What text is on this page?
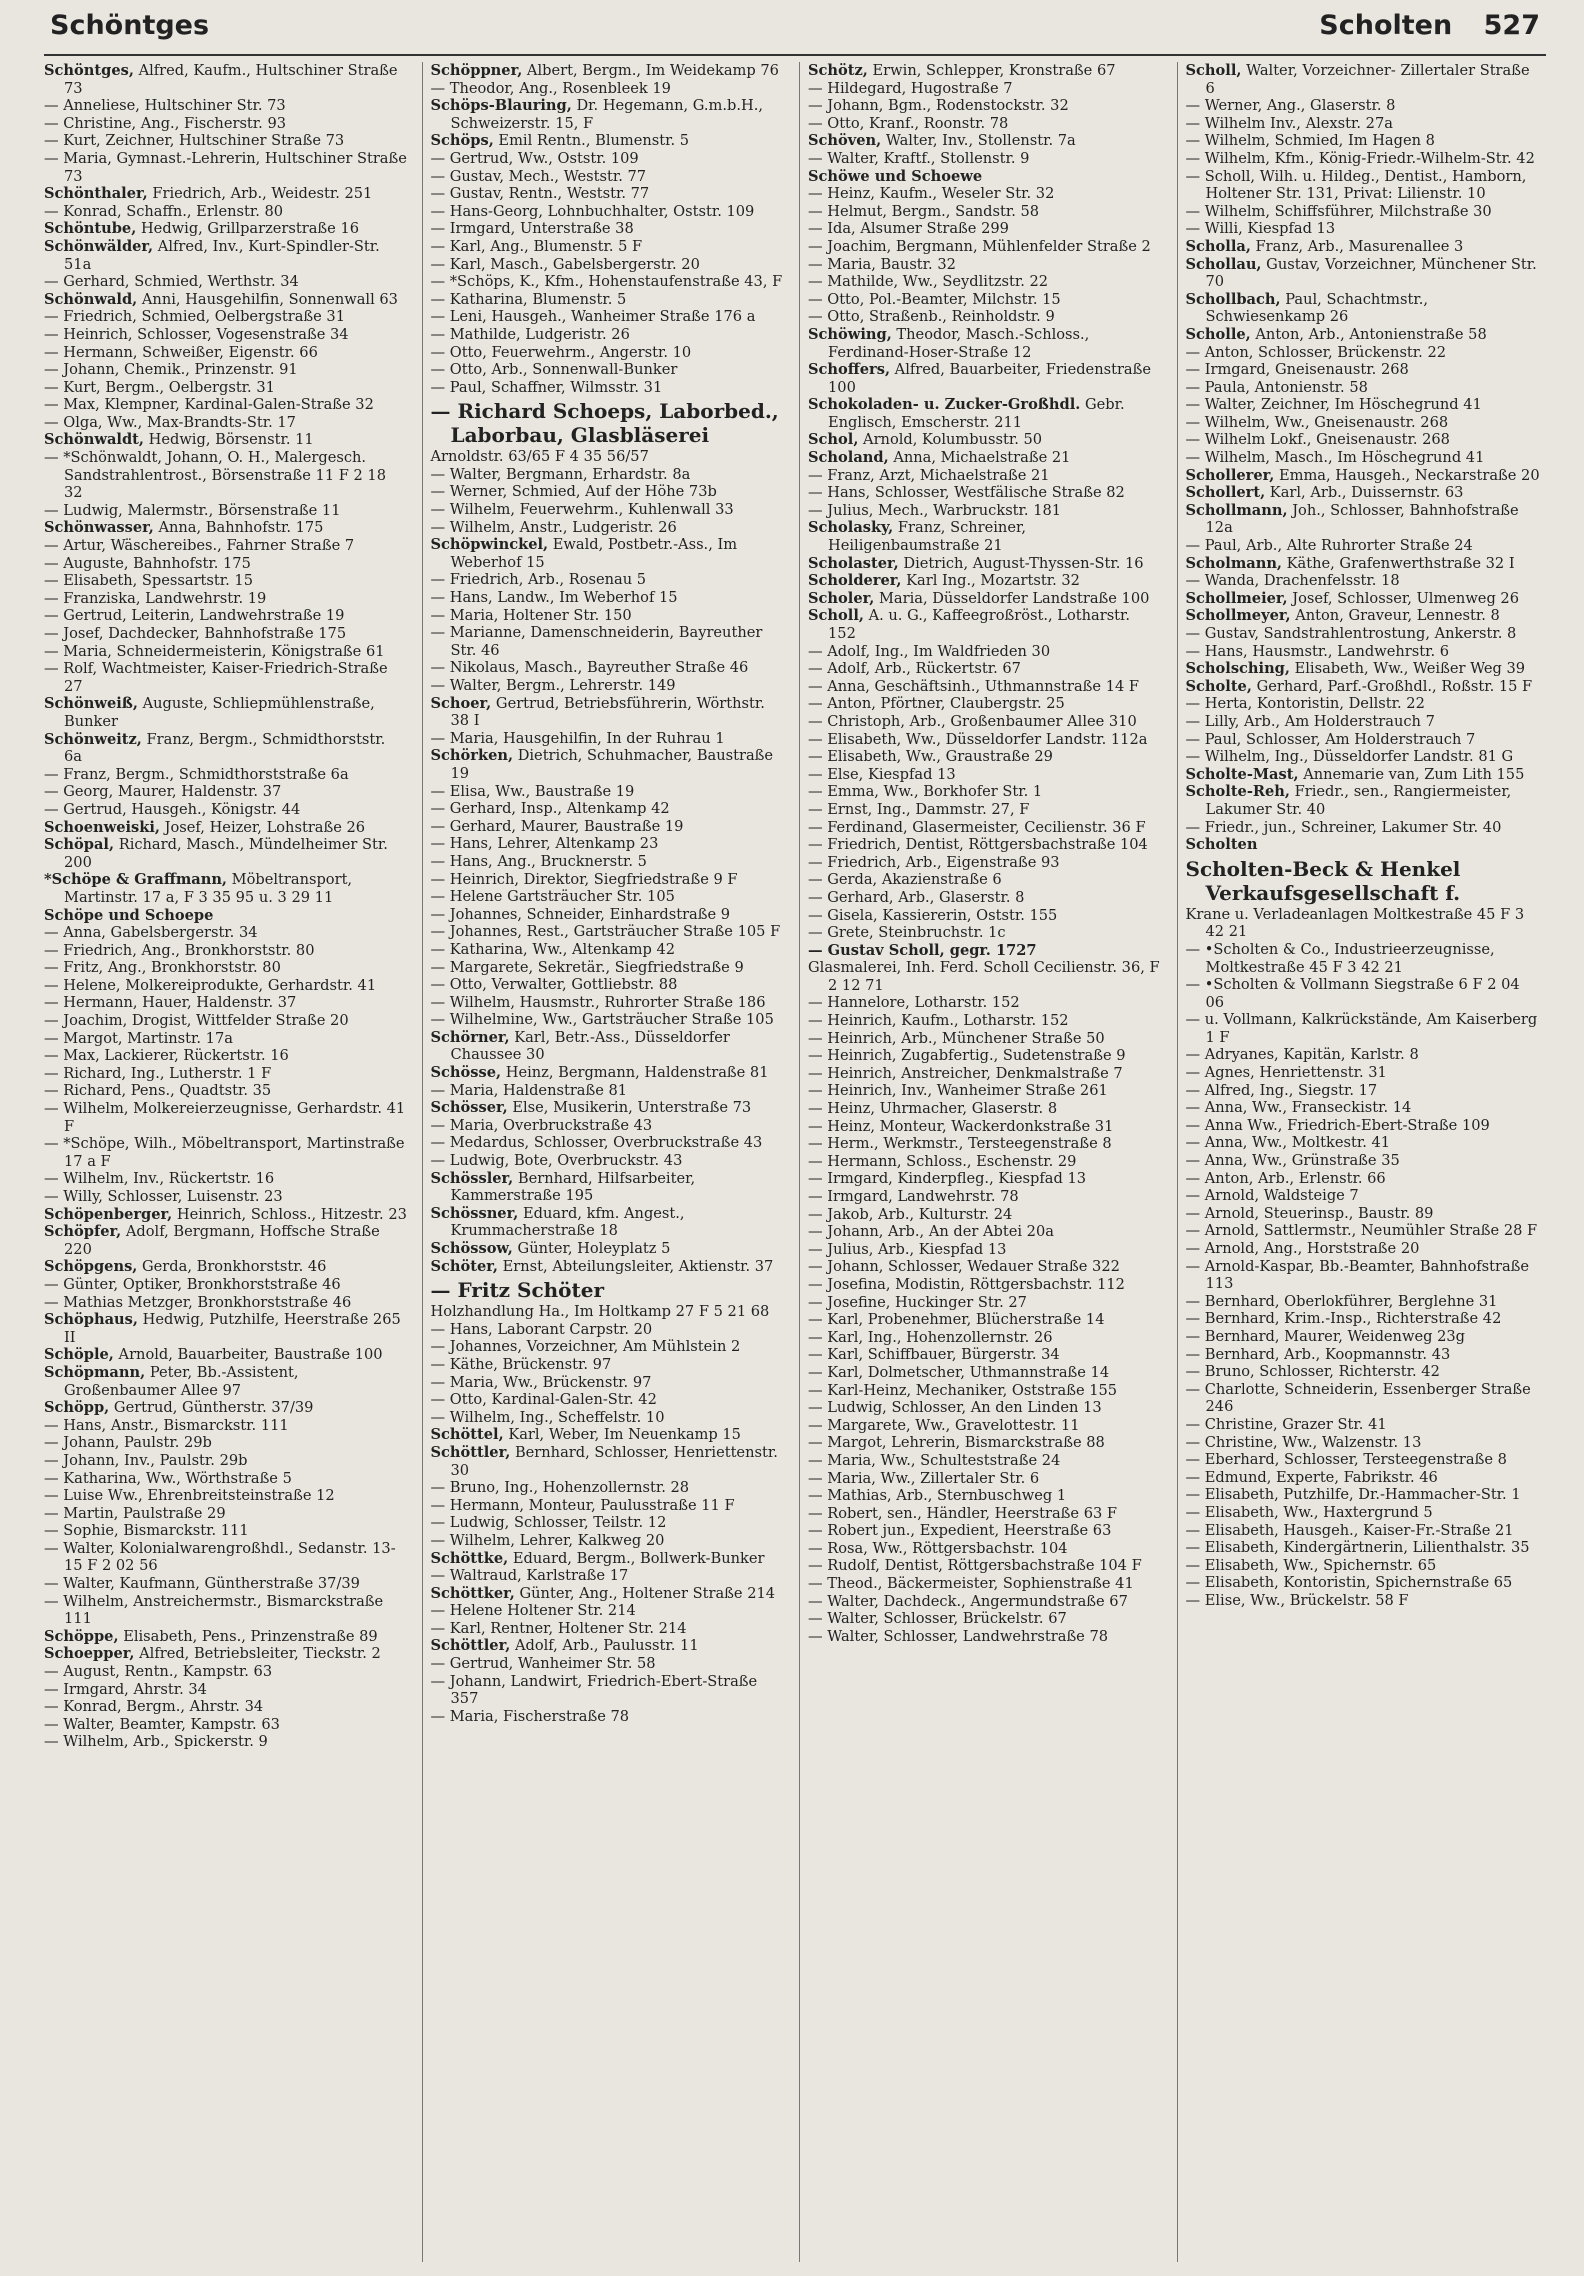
Schöntges	Scholten 527
Schöntges, Alfred, Kaufm., Hultschiner Straße 73
— Anneliese, Hultschiner Str. 73
— Christine, Ang., Fischerstr. 93
— Kurt, Zeichner, Hultschiner Straße 73
— Maria, Gymnast.-Lehrerin, Hultschiner Straße 73
Schönthaler, Friedrich, Arb., Weidestr. 251
— Konrad, Schaffn., Erlenstr. 80
Schöntube, Hedwig, Grillparzerstraße 16
Schönwälder, Alfred, Inv., Kurt-Spindler-Str. 51a
— Gerhard, Schmied, Werthstr. 34
Schönwald, Anni, Hausgehilfin, Sonnenwall 63
— Friedrich, Schmied, Oelbergstraße 31
— Heinrich, Schlosser, Vogesenstraße 34
— Hermann, Schweißer, Eigenstr. 66
— Johann, Chemik., Prinzenstr. 91
— Kurt, Bergm., Oelbergstr. 31
— Max, Klempner, Kardinal-Galen-Straße 32
— Olga, Ww., Max-Brandts-Str. 17
Schönwaldt, Hedwig, Börsenstr. 11
— *Schönwaldt, Johann, O. H., Malergesch. Sandstrahlentrost., Börsenstraße 11 F 2 18 32
— Ludwig, Malermstr., Börsenstraße 11
Schönwasser, Anna, Bahnhofstr. 175
— Artur, Wäschereibes., Fahrner Straße 7
— Auguste, Bahnhofstr. 175
— Elisabeth, Spessartstr. 15
— Franziska, Landwehrstr. 19
— Gertrud, Leiterin, Landwehrstraße 19
— Josef, Dachdecker, Bahnhofstraße 175
— Maria, Schneidermeisterin, Königstraße 61
— Rolf, Wachtmeister, Kaiser-Friedrich-Straße 27
Schönweiß, Auguste, Schliepmühlenstraße, Bunker
Schönweitz, Franz, Bergm., Schmidthorststr. 6a
— Franz, Bergm., Schmidthorststraße 6a
— Georg, Maurer, Haldenstr. 37
— Gertrud, Hausgeh., Königstr. 44
Schoenweiski, Josef, Heizer, Lohstraße 26
Schöpal, Richard, Masch., Mündelheimer Str. 200
*Schöpe & Graffmann, Möbeltransport, Martinstr. 17 a, F 3 35 95 u. 3 29 11
Schöpe und Schoepe
— Anna, Gabelsbergerstr. 34
— Friedrich, Ang., Bronkhorststr. 80
— Fritz, Ang., Bronkhorststr. 80
— Helene, Molkereiprodukte, Gerhardstr. 41
— Hermann, Hauer, Haldenstr. 37
— Joachim, Drogist, Wittfelder Straße 20
— Margot, Martinstr. 17a
— Max, Lackierer, Rückertstr. 16
— Richard, Ing., Lutherstr. 1 F
— Richard, Pens., Quadtstr. 35
— Wilhelm, Molkereierzeugnisse, Gerhardstr. 41 F
— *Schöpe, Wilh., Möbeltransport, Martinstraße 17 a F
— Wilhelm, Inv., Rückertstr. 16
— Willy, Schlosser, Luisenstr. 23
Schöpenberger, Heinrich, Schloss., Hitzestr. 23
Schöpfer, Adolf, Bergmann, Hoffsche Straße 220
Schöpgens, Gerda, Bronkhorststr. 46
— Günter, Optiker, Bronkhorststraße 46
— Mathias Metzger, Bronkhorststraße 46
Schöphaus, Hedwig, Putzhilfe, Heerstraße 265 II
Schöple, Arnold, Bauarbeiter, Baustraße 100
Schöpmann, Peter, Bb.-Assistent, Großenbaumer Allee 97
Schöpp, Gertrud, Güntherstr. 37/39
— Hans, Anstr., Bismarckstr. 111
— Johann, Paulstr. 29b
— Johann, Inv., Paulstr. 29b
— Katharina, Ww., Wörthstraße 5
— Luise Ww., Ehrenbreitsteinstraße 12
— Martin, Paulstraße 29
— Sophie, Bismarckstr. 111
— Walter, Kolonialwarengroßhdl., Sedanstr. 13-15 F 2 02 56
— Walter, Kaufmann, Güntherstraße 37/39
— Wilhelm, Anstreichermstr., Bismarckstraße 111
Schöppe, Elisabeth, Pens., Prinzenstraße 89
Schoepper, Alfred, Betriebsleiter, Tieckstr. 2
— August, Rentn., Kampstr. 63
— Irmgard, Ahrstr. 34
— Konrad, Bergm., Ahrstr. 34
— Walter, Beamter, Kampstr. 63
— Wilhelm, Arb., Spickerstr. 9
Schöppner, Albert, Bergm., Im Weidekamp 76
— Theodor, Ang., Rosenbleek 19
Schöps-Blauring, Dr. Hegemann, G.m.b.H., Schweizerstr. 15, F
Schöps, Emil Rentn., Blumenstr. 5
— Gertrud, Ww., Oststr. 109
— Gustav, Mech., Weststr. 77
— Gustav, Rentn., Weststr. 77
— Hans-Georg, Lohnbuchhalter, Oststr. 109
— Irmgard, Unterstraße 38
— Karl, Ang., Blumenstr. 5 F
— Karl, Masch., Gabelsbergerstr. 20
— *Schöps, K., Kfm., Hohenstaufenstraße 43, F
— Katharina, Blumenstr. 5
— Leni, Hausgeh., Wanheimer Straße 176 a
— Mathilde, Ludgeristr. 26
— Otto, Feuerwehrm., Angerstr. 10
— Otto, Arb., Sonnenwall-Bunker
— Paul, Schaffner, Wilmsstr. 31
— Richard Schoeps, Laborbed., Laborbau, Glasbläserei
Arnoldstr. 63/65 F 4 35 56/57
— Walter, Bergmann, Erhardstr. 8a
— Werner, Schmied, Auf der Höhe 73b
— Wilhelm, Feuerwehrm., Kuhlenwall 33
— Wilhelm, Anstr., Ludgeristr. 26
Schöpwinckel, Ewald, Postbetr.-Ass., Im Weberhof 15
— Friedrich, Arb., Rosenau 5
— Hans, Landw., Im Weberhof 15
— Maria, Holtener Str. 150
— Marianne, Damenschneiderin, Bayreuther Str. 46
— Nikolaus, Masch., Bayreuther Straße 46
— Walter, Bergm., Lehrerstr. 149
Schoer, Gertrud, Betriebsführerin, Wörthstr. 38 I
— Maria, Hausgehilfin, In der Ruhrau 1
Schörken, Dietrich, Schuhmacher, Baustraße 19
— Elisa, Ww., Baustraße 19
— Gerhard, Insp., Altenkamp 42
— Gerhard, Maurer, Baustraße 19
— Hans, Lehrer, Altenkamp 23
— Hans, Ang., Brucknerstr. 5
— Heinrich, Direktor, Siegfriedstraße 9 F
— Helene Gartsträucher Str. 105
— Johannes, Schneider, Einhardstraße 9
— Johannes, Rest., Gartsträucher Straße 105 F
— Katharina, Ww., Altenkamp 42
— Margarete, Sekretär., Siegfriedstraße 9
— Otto, Verwalter, Gottliebstr. 88
— Wilhelm, Hausmstr., Ruhrorter Straße 186
— Wilhelmine, Ww., Gartsträucher Straße 105
Schörner, Karl, Betr.-Ass., Düsseldorfer Chaussee 30
Schösse, Heinz, Bergmann, Haldenstraße 81
— Maria, Haldenstraße 81
Schösser, Else, Musikerin, Unterstraße 73
— Maria, Overbruckstraße 43
— Medardus, Schlosser, Overbruckstraße 43
— Ludwig, Bote, Overbruckstr. 43
Schössler, Bernhard, Hilfsarbeiter, Kammerstraße 195
Schössner, Eduard, kfm. Angest., Krummacherstraße 18
Schössow, Günter, Holeyplatz 5
Schöter, Ernst, Abteilungsleiter, Aktienstr. 37
— Fritz Schöter
Holzhandlung Ha., Im Holtkamp 27 F 5 21 68
— Hans, Laborant Carpstr. 20
— Johannes, Vorzeichner, Am Mühlstein 2
— Käthe, Brückenstr. 97
— Maria, Ww., Brückenstr. 97
— Otto, Kardinal-Galen-Str. 42
— Wilhelm, Ing., Scheffelstr. 10
Schöttel, Karl, Weber, Im Neuenkamp 15
Schöttler, Bernhard, Schlosser, Henriettenstr. 30
— Bruno, Ing., Hohenzollernstr. 28
— Hermann, Monteur, Paulusstraße 11 F
— Ludwig, Schlosser, Teilstr. 12
— Wilhelm, Lehrer, Kalkweg 20
Schöttke, Eduard, Bergm., Bollwerk-Bunker
— Waltraud, Karlstraße 17
Schöttker, Günter, Ang., Holtener Straße 214
— Helene Holtener Str. 214
— Karl, Rentner, Holtener Str. 214
Schöttler, Adolf, Arb., Paulusstr. 11
— Gertrud, Wanheimer Str. 58
— Johann, Landwirt, Friedrich-Ebert-Straße 357
— Maria, Fischerstraße 78
Schötz, Erwin, Schlepper, Kronstraße 67
— Hildegard, Hugostraße 7
— Johann, Bgm., Rodenstockstr. 32
— Otto, Kranf., Roonstr. 78
Schöven, Walter, Inv., Stollenstr. 7a
— Walter, Kraftf., Stollenstr. 9
Schöwe und Schoewe
— Heinz, Kaufm., Weseler Str. 32
— Helmut, Bergm., Sandstr. 58
— Ida, Alsumer Straße 299
— Joachim, Bergmann, Mühlenfelder Straße 2
— Maria, Baustr. 32
— Mathilde, Ww., Seydlitzstr. 22
— Otto, Pol.-Beamter, Milchstr. 15
— Otto, Straßenb., Reinholdstr. 9
Schöwing, Theodor, Masch.-Schloss., Ferdinand-Hoser-Straße 12
Schoffers, Alfred, Bauarbeiter, Friedenstraße 100
Schokoladen- u. Zucker-Großhdl. Gebr. Englisch, Emscherstr. 211
Schol, Arnold, Kolumbusstr. 50
Scholand, Anna, Michaelstraße 21
— Franz, Arzt, Michaelstraße 21
— Hans, Schlosser, Westfälische Straße 82
— Julius, Mech., Warbruckstr. 181
Scholasky, Franz, Schreiner, Heiligenbaumstraße 21
Scholaster, Dietrich, August-Thyssen-Str. 16
Scholderer, Karl Ing., Mozartstr. 32
Scholer, Maria, Düsseldorfer Landstraße 100
Scholl, A. u. G., Kaffeegroßröst., Lotharstr. 152
— Adolf, Ing., Im Waldfrieden 30
— Adolf, Arb., Rückertstr. 67
— Anna, Geschäftsinh., Uthmannstraße 14 F
— Anton, Pförtner, Claubergstr. 25
— Christoph, Arb., Großenbaumer Allee 310
— Elisabeth, Ww., Düsseldorfer Landstr. 112a
— Elisabeth, Ww., Graustraße 29
— Else, Kiespfad 13
— Emma, Ww., Borkhofer Str. 1
— Ernst, Ing., Dammstr. 27, F
— Ferdinand, Glasermeister, Cecilienstr. 36 F
— Friedrich, Dentist, Röttgersbachstraße 104
— Friedrich, Arb., Eigenstraße 93
— Gerda, Akazienstraße 6
— Gerhard, Arb., Glaserstr. 8
— Gisela, Kassiererin, Oststr. 155
— Grete, Steinbruchstr. 1c
— Gustav Scholl, gegr. 1727
Glasmalerei, Inh. Ferd. Scholl Cecilienstr. 36, F 2 12 71
— Hannelore, Lotharstr. 152
— Heinrich, Kaufm., Lotharstr. 152
— Heinrich, Arb., Münchener Straße 50
— Heinrich, Zugabfertig., Sudetenstraße 9
— Heinrich, Anstreicher, Denkmalstraße 7
— Heinrich, Inv., Wanheimer Straße 261
— Heinz, Uhrmacher, Glaserstr. 8
— Heinz, Monteur, Wackerdonkstraße 31
— Herm., Werkmstr., Tersteegenstraße 8
— Hermann, Schloss., Eschenstr. 29
— Irmgard, Kinderpfleg., Kiespfad 13
— Irmgard, Landwehrstr. 78
— Jakob, Arb., Kulturstr. 24
— Johann, Arb., An der Abtei 20a
— Julius, Arb., Kiespfad 13
— Johann, Schlosser, Wedauer Straße 322
— Josefina, Modistin, Röttgersbachstr. 112
— Josefine, Huckinger Str. 27
— Karl, Probenehmer, Blücherstraße 14
— Karl, Ing., Hohenzollernstr. 26
— Karl, Schiffbauer, Bürgerstr. 34
— Karl, Dolmetscher, Uthmannstraße 14
— Karl-Heinz, Mechaniker, Oststraße 155
— Ludwig, Schlosser, An den Linden 13
— Margarete, Ww., Gravelottestr. 11
— Margot, Lehrerin, Bismarckstraße 88
— Maria, Ww., Schulteststraße 24
— Maria, Ww., Zillertaler Str. 6
— Mathias, Arb., Sternbuschweg 1
— Robert, sen., Händler, Heerstraße 63 F
— Robert jun., Expedient, Heerstraße 63
— Rosa, Ww., Röttgersbachstr. 104
— Rudolf, Dentist, Röttgersbachstraße 104 F
— Theod., Bäckermeister, Sophienstraße 41
— Walter, Dachdeck., Angermundstraße 67
— Walter, Schlosser, Brückelstr. 67
— Walter, Schlosser, Landwehrstraße 78
Scholl, Walter, Vorzeichner- Zillertaler Straße 6
— Werner, Ang., Glaserstr. 8
— Wilhelm Inv., Alexstr. 27a
— Wilhelm, Schmied, Im Hagen 8
— Wilhelm, Kfm., König-Friedr.-Wilhelm-Str. 42
— Scholl, Wilh. u. Hildeg., Dentist., Hamborn, Holtener Str. 131, Privat: Lilienstr. 10
— Wilhelm, Schiffsführer, Milchstraße 30
— Willi, Kiespfad 13
Scholla, Franz, Arb., Masurenallee 3
Schollau, Gustav, Vorzeichner, Münchener Str. 70
Schollbach, Paul, Schachtmstr., Schwiesenkamp 26
Scholle, Anton, Arb., Antonienstraße 58
— Anton, Schlosser, Brückenstr. 22
— Irmgard, Gneisenaustr. 268
— Paula, Antonienstr. 58
— Walter, Zeichner, Im Höschegrund 41
— Wilhelm, Ww., Gneisenaustr. 268
— Wilhelm Lokf., Gneisenaustr. 268
— Wilhelm, Masch., Im Höschegrund 41
Schollerer, Emma, Hausgeh., Neckarstraße 20
Schollert, Karl, Arb., Duissernstr. 63
Schollmann, Joh., Schlosser, Bahnhofstraße 12a
— Paul, Arb., Alte Ruhrorter Straße 24
Scholmann, Käthe, Grafenwerthstraße 32 I
— Wanda, Drachenfelsstr. 18
Schollmeier, Josef, Schlosser, Ulmenweg 26
Schollmeyer, Anton, Graveur, Lennestr. 8
— Gustav, Sandstrahlentrostung, Ankerstr. 8
— Hans, Hausmstr., Landwehrstr. 6
Scholsching, Elisabeth, Ww., Weißer Weg 39
Scholte, Gerhard, Parf.-Großhdl., Roßstr. 15 F
— Herta, Kontoristin, Dellstr. 22
— Lilly, Arb., Am Holderstrauch 7
— Paul, Schlosser, Am Holderstrauch 7
— Wilhelm, Ing., Düsseldorfer Landstr. 81 G
Scholte-Mast, Annemarie van, Zum Lith 155
Scholte-Reh, Friedr., sen., Rangiermeister, Lakumer Str. 40
— Friedr., jun., Schreiner, Lakumer Str. 40
Scholten
Scholten-Beck & Henkel Verkaufsgesellschaft f.
Krane u. Verladeanlagen Moltkestraße 45 F 3 42 21
— •Scholten & Co., Industrieerzeugnisse, Moltkestraße 45 F 3 42 21
— •Scholten & Vollmann Siegstraße 6 F 2 04 06
— u. Vollmann, Kalkrückstände, Am Kaiserberg 1 F
— Adryanes, Kapitän, Karlstr. 8
— Agnes, Henriettenstr. 31
— Alfred, Ing., Siegstr. 17
— Anna, Ww., Franseckistr. 14
— Anna Ww., Friedrich-Ebert-Straße 109
— Anna, Ww., Moltkestr. 41
— Anna, Ww., Grünstraße 35
— Anton, Arb., Erlenstr. 66
— Arnold, Waldsteige 7
— Arnold, Steuerinsp., Baustr. 89
— Arnold, Sattlermstr., Neumühler Straße 28 F
— Arnold, Ang., Horststraße 20
— Arnold-Kaspar, Bb.-Beamter, Bahnhofstraße 113
— Bernhard, Oberlokführer, Berglehne 31
— Bernhard, Krim.-Insp., Richterstraße 42
— Bernhard, Maurer, Weidenweg 23g
— Bernhard, Arb., Koopmannstr. 43
— Bruno, Schlosser, Richterstr. 42
— Charlotte, Schneiderin, Essenberger Straße 246
— Christine, Grazer Str. 41
— Christine, Ww., Walzenstr. 13
— Eberhard, Schlosser, Tersteegenstraße 8
— Edmund, Experte, Fabrikstr. 46
— Elisabeth, Putzhilfe, Dr.-Hammacher-Str. 1
— Elisabeth, Ww., Haxtergrund 5
— Elisabeth, Hausgeh., Kaiser-Fr.-Straße 21
— Elisabeth, Kindergärtnerin, Lilienthalstr. 35
— Elisabeth, Ww., Spichernstr. 65
— Elisabeth, Kontoristin, Spichernstraße 65
— Elise, Ww., Brückelstr. 58 F
